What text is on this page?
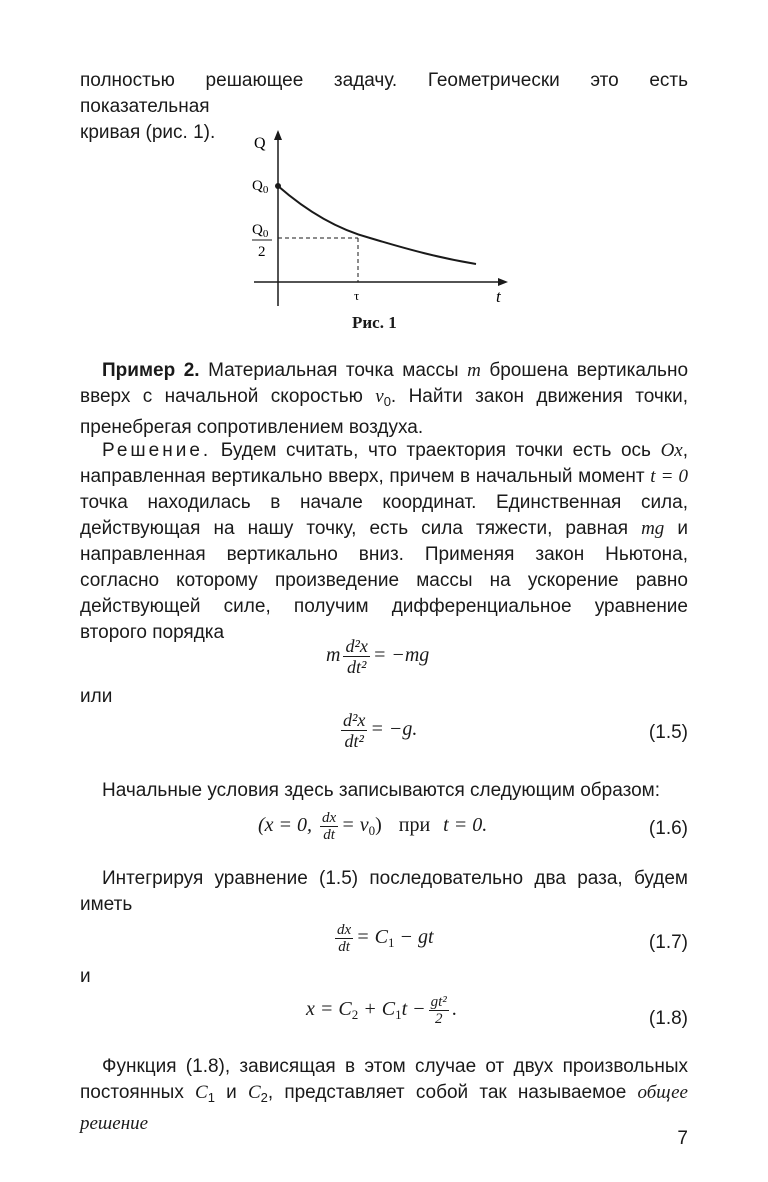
полностью решающее задачу. Геометрически это есть показательная
кривая (рис. 1).

Q
$Q_0$
$Q_0$
2
τ	t
Рис. 1

Пример 2. Материальная точка массы m брошена вертикально вверх с начальной скоростью $v_0$. Найти закон движения точки, пренебрегая сопротивлением воздуха.

Решение. Будем считать, что траектория точки есть ось Ox, направленная вертикально вверх, причем в начальный момент t = 0 точка находилась в начале координат. Единственная сила, действующая на нашу точку, есть сила тяжести, равная mg и направленная вертикально вниз. Применяя закон Ньютона, согласно которому произведение массы на ускорение равно действующей силе, получим дифференциальное уравнение второго порядка

m $\frac{\text{d²x}}{\text{dt²}} = -mg$
или
$\frac{\text{d²x}}{\text{dt²}} = -g$.	(1.5)

Начальные условия здесь записываются следующим образом:

(x = 0, $\frac{dx}{dt} = v_0$) при t = 0.	(1.6)

Интегрируя уравнение (1.5) последовательно два раза, будем иметь

$\frac{dx}{dt} = C_1$ − gt	(1.7)
и
$x = C_2 + C_1t - \frac{\text{gt²}}{2}$ .	(1.8)

Функция (1.8), зависящая в этом случае от двух произвольных постоянных $C_1$ и $C_2$, представляет собой так называемое общее решение

7
